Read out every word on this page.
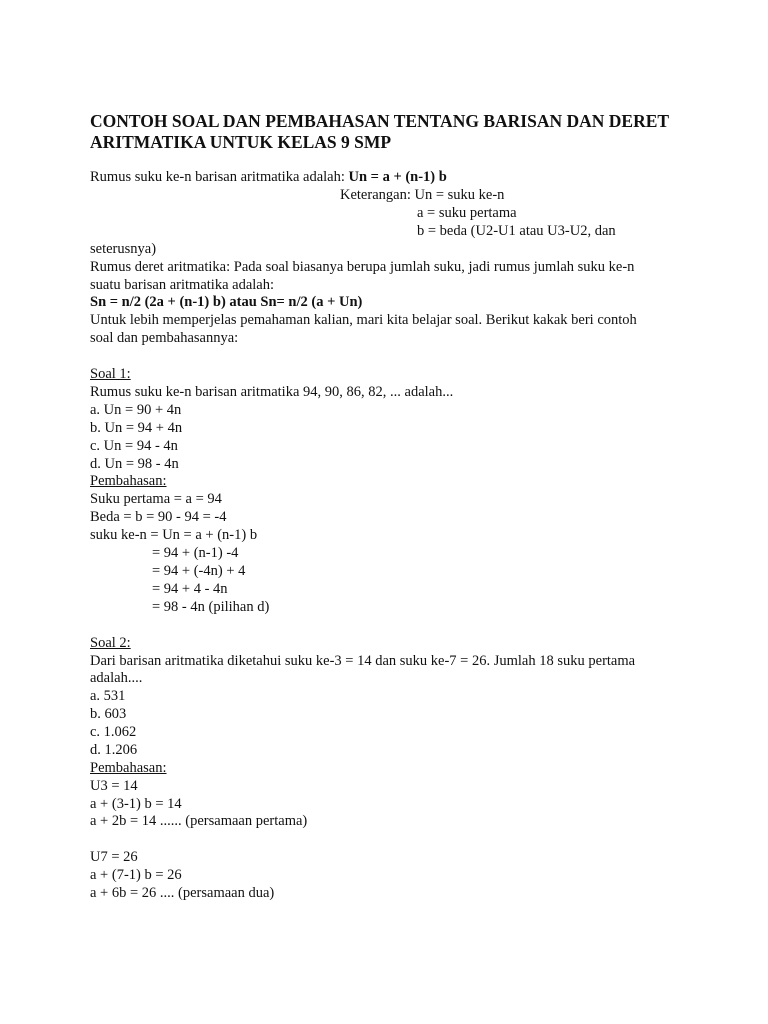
CONTOH SOAL DAN PEMBAHASAN TENTANG BARISAN DAN DERET ARITMATIKA UNTUK KELAS 9 SMP
Rumus suku ke-n barisan aritmatika adalah: Un = a + (n-1) b
Keterangan: Un = suku ke-n
a = suku pertama
b = beda (U2-U1 atau U3-U2, dan
seterusnya)
Rumus deret aritmatika: Pada soal biasanya berupa jumlah suku, jadi rumus jumlah suku ke-n
suatu barisan aritmatika adalah:
Sn = n/2 (2a + (n-1) b) atau Sn= n/2 (a + Un)
Untuk lebih memperjelas pemahaman kalian, mari kita belajar soal. Berikut kakak beri contoh
soal dan pembahasannya:
Soal 1:
Rumus suku ke-n barisan aritmatika 94, 90, 86, 82, ... adalah...
a. Un = 90 + 4n
b. Un = 94 + 4n
c. Un = 94 - 4n
d. Un = 98 - 4n
Pembahasan:
Suku pertama = a = 94
Beda = b = 90 - 94 = -4
suku ke-n = Un = a + (n-1) b
= 94 + (n-1) -4
= 94 + (-4n) + 4
= 94 + 4 - 4n
= 98 - 4n (pilihan d)
Soal 2:
Dari barisan aritmatika diketahui suku ke-3 = 14 dan suku ke-7 = 26. Jumlah 18 suku pertama
adalah....
a. 531
b. 603
c. 1.062
d. 1.206
Pembahasan:
U3 = 14
a + (3-1) b = 14
a + 2b = 14 ...... (persamaan pertama)
U7 = 26
a + (7-1) b = 26
a + 6b = 26 .... (persamaan dua)
